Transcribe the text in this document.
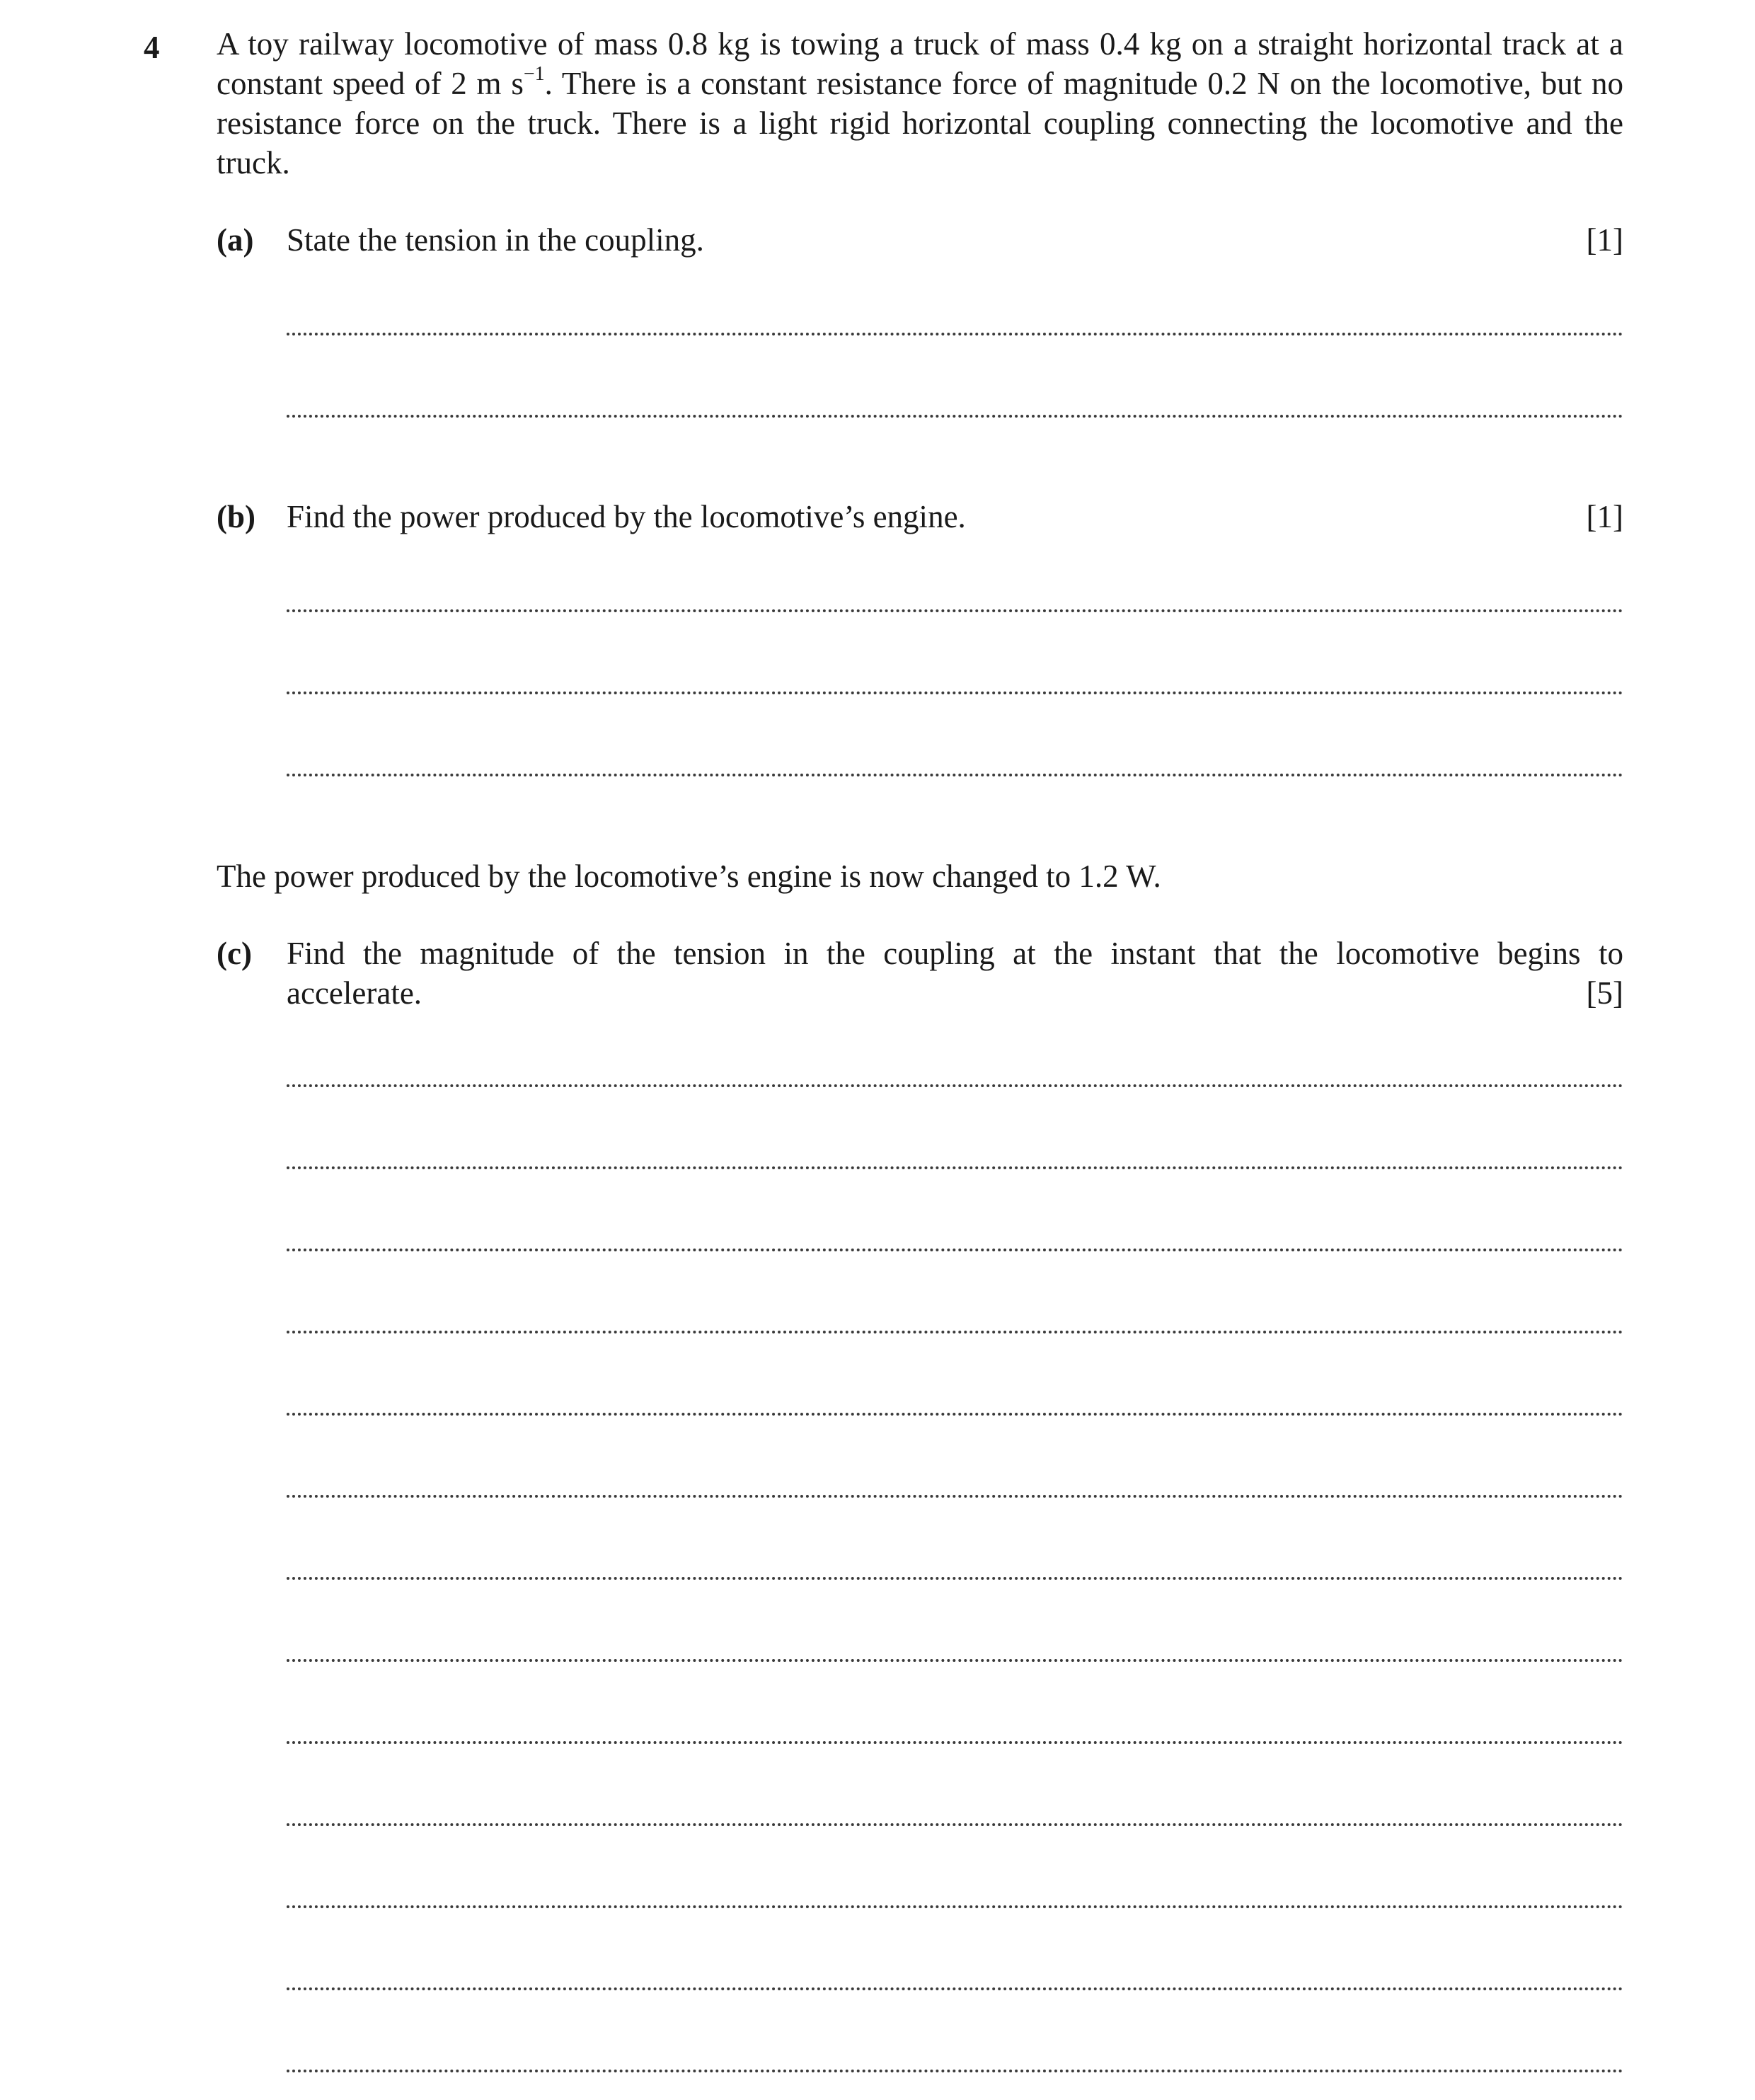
4 A toy railway locomotive of mass 0.8 kg is towing a truck of mass 0.4 kg on a straight horizontal track at a constant speed of 2 m $s^{-1}$. There is a constant resistance force of magnitude 0.2 N on the locomotive, but no resistance force on the truck. There is a light rigid horizontal coupling connecting the locomotive and the truck.
(a) State the tension in the coupling.	[1]
(b) Find the power produced by the locomotive’s engine.	[1]
The power produced by the locomotive’s engine is now changed to 1.2 W.
(c) Find the magnitude of the tension in the coupling at the instant that the locomotive begins to
accelerate.	[5]
